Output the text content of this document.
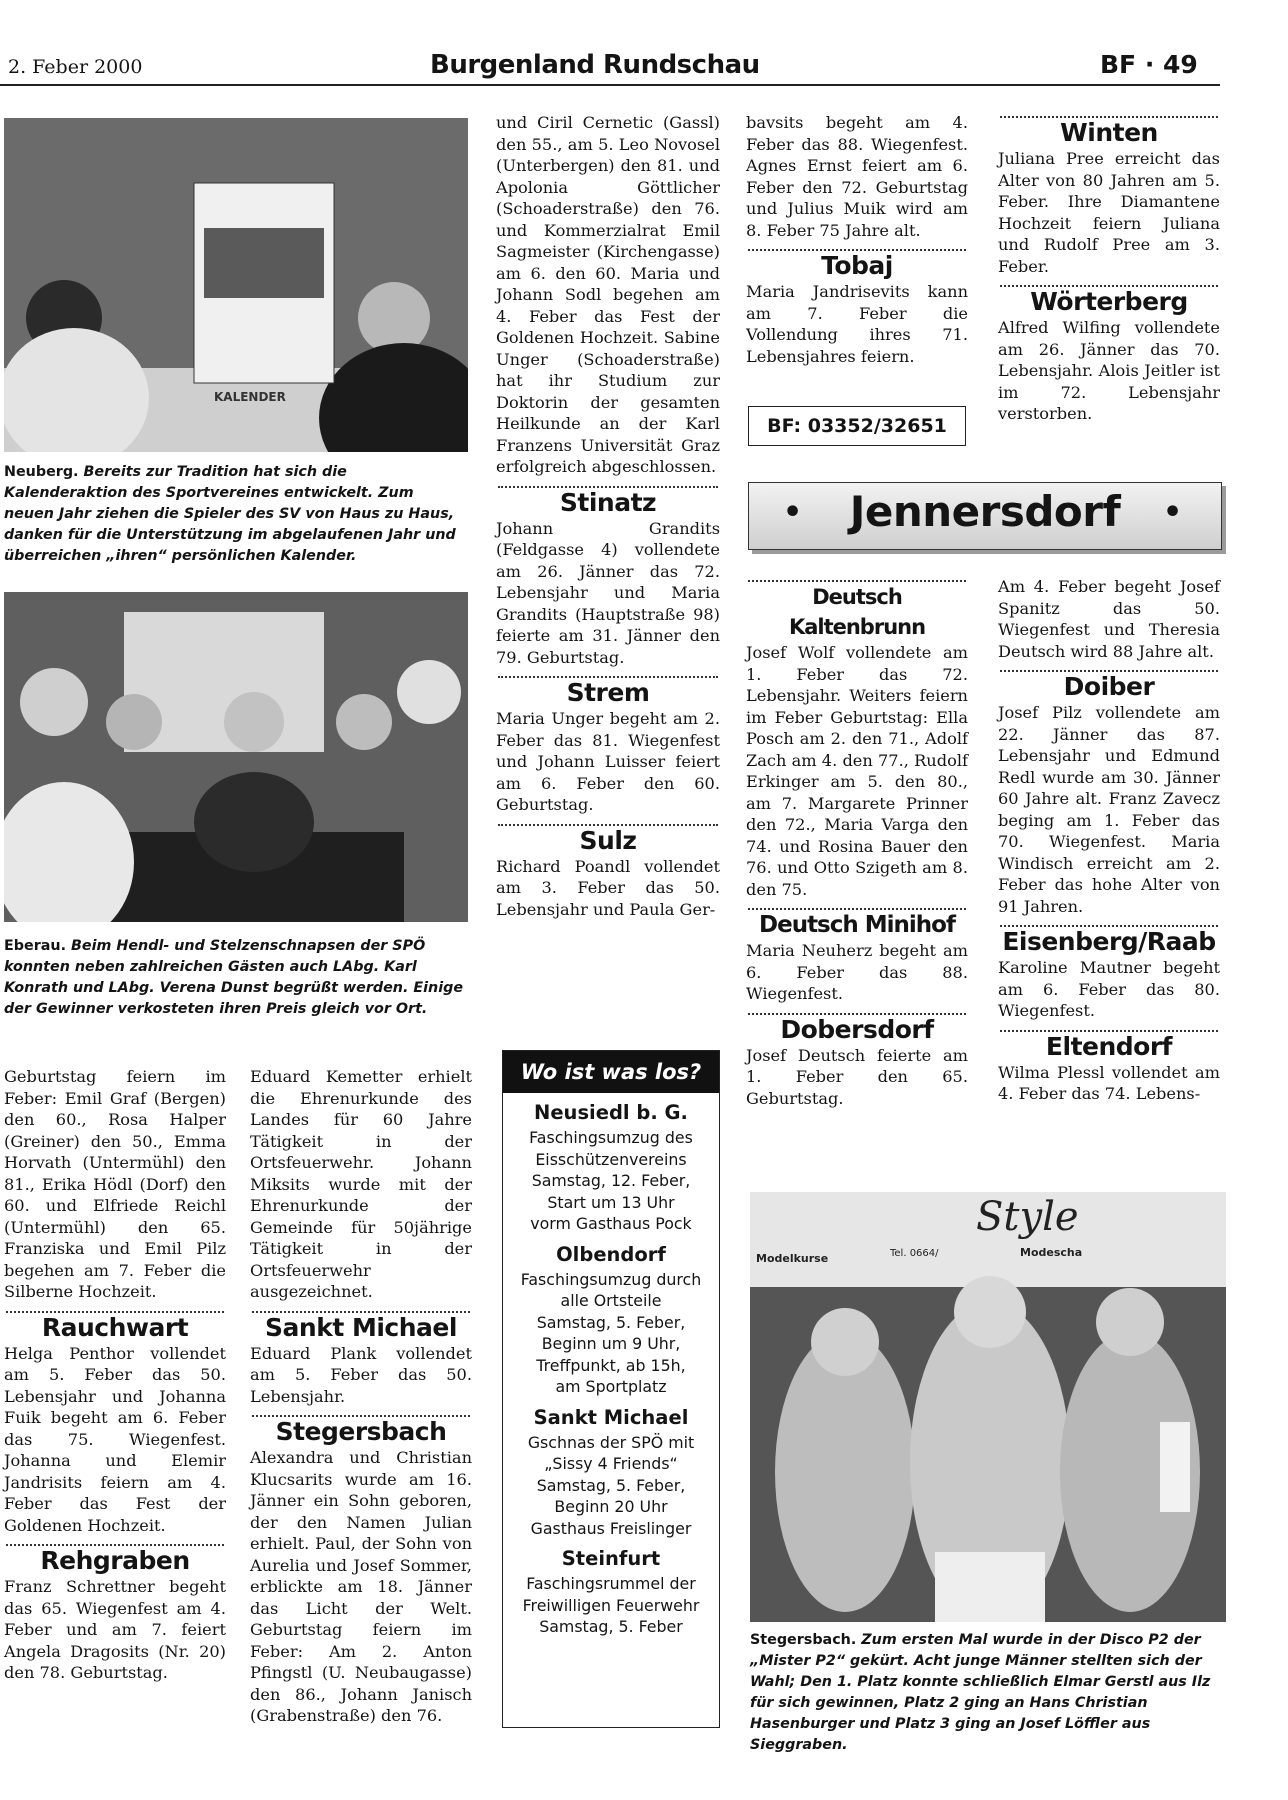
2. Feber 2000	Burgenland Rundschau	BF · 49
KALENDER

Neuberg. Bereits zur Tradition hat sich die Kalenderaktion des Sportvereines entwickelt. Zum neuen Jahr ziehen die Spieler des SV von Haus zu Haus, danken für die Unterstützung im abgelaufenen Jahr und überreichen „ihren“ persönlichen Kalender.

Eberau. Beim Hendl- und Stelzenschnapsen der SPÖ konnten neben zahlreichen Gästen auch LAbg. Karl Konrath und LAbg. Verena Dunst begrüßt werden. Einige der Gewinner verkosteten ihren Preis gleich vor Ort.

Geburtstag feiern im Feber: Emil Graf (Bergen) den 60., Rosa Halper (Greiner) den 50., Emma Horvath (Untermühl) den 81., Erika Hödl (Dorf) den 60. und Elfriede Reichl (Untermühl) den 65. Franziska und Emil Pilz begehen am 7. Feber die Silberne Hochzeit.

Rauchwart

Helga Penthor vollendet am 5. Feber das 50. Lebensjahr und Johanna Fuik begeht am 6. Feber das 75. Wiegenfest. Johanna und Elemir Jandrisits feiern am 4. Feber das Fest der Goldenen Hochzeit.

Rehgraben

Franz Schrettner begeht das 65. Wiegenfest am 4. Feber und am 7. feiert Angela Dragosits (Nr. 20) den 78. Geburtstag.

Eduard Kemetter erhielt die Ehrenurkunde des Landes für 60 Jahre Tätigkeit in der Ortsfeuerwehr. Johann Miksits wurde mit der Ehrenurkunde der Gemeinde für 50jährige Tätigkeit in der Ortsfeuerwehr ausgezeichnet.

Sankt Michael

Eduard Plank vollendet am 5. Feber das 50. Lebensjahr.

Stegersbach

Alexandra und Christian Klucsarits wurde am 16. Jänner ein Sohn geboren, der den Namen Julian erhielt. Paul, der Sohn von Aurelia und Josef Sommer, erblickte am 18. Jänner das Licht der Welt. Geburtstag feiern im Feber: Am 2. Anton Pfingstl (U. Neubaugasse) den 86., Johann Janisch (Grabenstraße) den 76.

und Ciril Cernetic (Gassl) den 55., am 5. Leo Novosel (Unterbergen) den 81. und Apolonia Göttlicher (Schoaderstraße) den 76. und Kommerzialrat Emil Sagmeister (Kirchengasse) am 6. den 60. Maria und Johann Sodl begehen am 4. Feber das Fest der Goldenen Hochzeit. Sabine Unger (Schoaderstraße) hat ihr Studium zur Doktorin der gesamten Heilkunde an der Karl Franzens Universität Graz erfolgreich abgeschlossen.

Stinatz

Johann Grandits (Feldgasse 4) vollendete am 26. Jänner das 72. Lebensjahr und Maria Grandits (Hauptstraße 98) feierte am 31. Jänner den 79. Geburtstag.

Strem

Maria Unger begeht am 2. Feber das 81. Wiegenfest und Johann Luisser feiert am 6. Feber den 60. Geburtstag.

Sulz

Richard Poandl vollendet am 3. Feber das 50. Lebensjahr und Paula Ger-

Wo ist was los?
Neusiedl b. G.
Faschingsumzug des
Eisschützenvereins
Samstag, 12. Feber,
Start um 13 Uhr
vorm Gasthaus Pock
Olbendorf
Faschingsumzug durch
alle Ortsteile
Samstag, 5. Feber,
Beginn um 9 Uhr,
Treffpunkt, ab 15h,
am Sportplatz
Sankt Michael
Gschnas der SPÖ mit
„Sissy 4 Friends“
Samstag, 5. Feber,
Beginn 20 Uhr
Gasthaus Freislinger
Steinfurt
Faschingsrummel der
Freiwilligen Feuerwehr
Samstag, 5. Feber

bavsits begeht am 4. Feber das 88. Wiegenfest. Agnes Ernst feiert am 6. Feber den 72. Geburtstag und Julius Muik wird am 8. Feber 75 Jahre alt.

Tobaj

Maria Jandrisevits kann am 7. Feber die Vollendung ihres 71. Lebensjahres feiern.

BF: 03352/32651
Winten

Juliana Pree erreicht das Alter von 80 Jahren am 5. Feber. Ihre Diamantene Hochzeit feiern Juliana und Rudolf Pree am 3. Feber.

Wörterberg

Alfred Wilfing vollendete am 26. Jänner das 70. Lebensjahr. Alois Jeitler ist im 72. Lebensjahr verstorben.

•	Jennersdorf	•
Deutsch Kaltenbrunn

Josef Wolf vollendete am 1. Feber das 72. Lebensjahr. Weiters feiern im Feber Geburtstag: Ella Posch am 2. den 71., Adolf Zach am 4. den 77., Rudolf Erkinger am 5. den 80., am 7. Margarete Prinner den 72., Maria Varga den 74. und Rosina Bauer den 76. und Otto Szigeth am 8. den 75.

Deutsch Minihof

Maria Neuherz begeht am 6. Feber das 88. Wiegenfest.

Dobersdorf

Josef Deutsch feierte am 1. Feber den 65. Geburtstag.

Am 4. Feber begeht Josef Spanitz das 50. Wiegenfest und Theresia Deutsch wird 88 Jahre alt.

Doiber

Josef Pilz vollendete am 22. Jänner das 87. Lebensjahr und Edmund Redl wurde am 30. Jänner 60 Jahre alt. Franz Zavecz beging am 1. Feber das 70. Wiegenfest. Maria Windisch erreicht am 2. Feber das hohe Alter von 91 Jahren.

Eisenberg/Raab

Karoline Mautner begeht am 6. Feber das 80. Wiegenfest.

Eltendorf

Wilma Plessl vollendet am 4. Feber das 74. Lebens-

Style
Modelkurse	Tel. 0664/	Modescha

Stegersbach. Zum ersten Mal wurde in der Disco P2 der „Mister P2“ gekürt. Acht junge Männer stellten sich der Wahl; Den 1. Platz konnte schließlich Elmar Gerstl aus Ilz für sich gewinnen, Platz 2 ging an Hans Christian Hasenburger und Platz 3 ging an Josef Löffler aus Sieggraben.
